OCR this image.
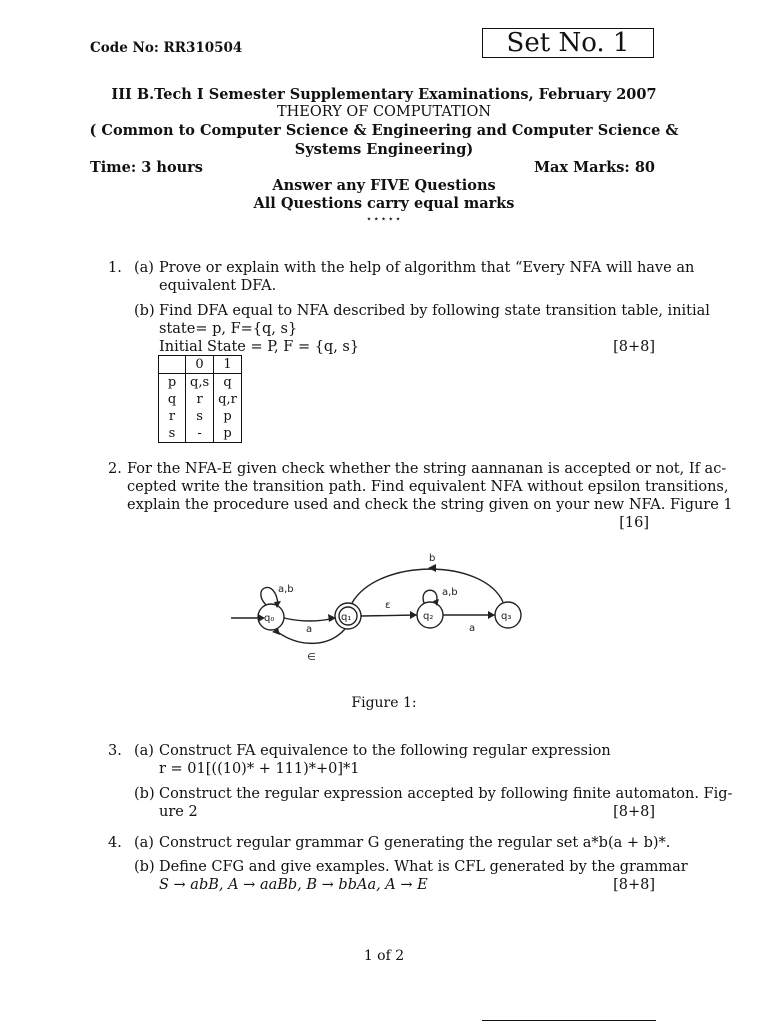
Code No: RR310504	Set No. 1
III B.Tech I Semester Supplementary Examinations, February 2007
THEORY OF COMPUTATION
( Common to Computer Science & Engineering and Computer Science &
Systems Engineering)
Time: 3 hours	Max Marks: 80
Answer any FIVE Questions
All Questions carry equal marks
⋆⋆⋆⋆⋆
1. (a) Prove or explain with the help of algorithm that “Every NFA will have an
equivalent DFA.
(b) Find DFA equal to NFA described by following state transition table, initial
state= p, F={q, s}
Initial State = P, F = {q, s}	[8+8]
	0	1
p	q,s	q
q	r	q,r
r	s	p
s	-	p
2. For the NFA-E given check whether the string aannanan is accepted or not, If ac-
cepted write the transition path. Find equivalent NFA without epsilon transitions,
explain the procedure used and check the string given on your new NFA. Figure 1
[16]
q₀	q₁	q₂	q₃
a,b	a,b
a
∈
ε
a
b
Figure 1:
3. (a) Construct FA equivalence to the following regular expression
r = 01[((10)* + 111)*+0]*1
(b) Construct the regular expression accepted by following finite automaton. Fig-
ure 2	[8+8]
4. (a) Construct regular grammar G generating the regular set a*b(a + b)*.
(b) Define CFG and give examples. What is CFL generated by the grammar
S → abB, A → aaBb, B → bbAa, A → E	[8+8]
1 of 2
